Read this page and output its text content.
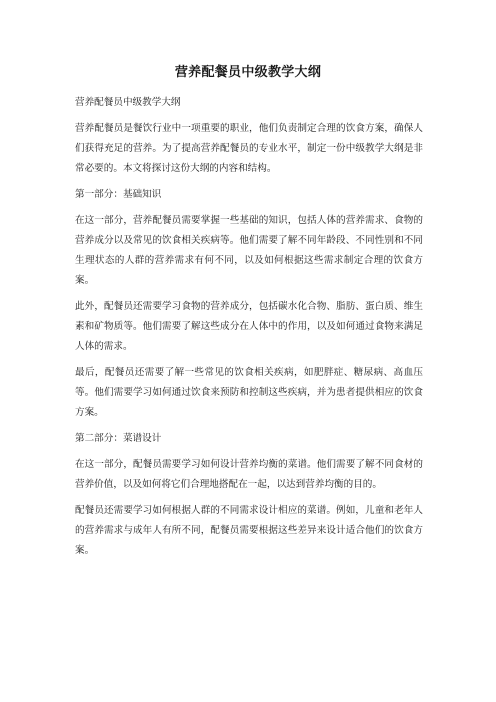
营养配餐员中级教学大纲

营养配餐员中级教学大纲

营养配餐员是餐饮行业中一项重要的职业，他们负责制定合理的饮食方案，确保人们获得充足的营养。为了提高营养配餐员的专业水平，制定一份中级教学大纲是非常必要的。本文将探讨这份大纲的内容和结构。

第一部分：基础知识

在这一部分，营养配餐员需要掌握一些基础的知识，包括人体的营养需求、食物的营养成分以及常见的饮食相关疾病等。他们需要了解不同年龄段、不同性别和不同生理状态的人群的营养需求有何不同，以及如何根据这些需求制定合理的饮食方案。

此外，配餐员还需要学习食物的营养成分，包括碳水化合物、脂肪、蛋白质、维生素和矿物质等。他们需要了解这些成分在人体中的作用，以及如何通过食物来满足人体的需求。

最后，配餐员还需要了解一些常见的饮食相关疾病，如肥胖症、糖尿病、高血压等。他们需要学习如何通过饮食来预防和控制这些疾病，并为患者提供相应的饮食方案。

第二部分：菜谱设计

在这一部分，配餐员需要学习如何设计营养均衡的菜谱。他们需要了解不同食材的营养价值，以及如何将它们合理地搭配在一起，以达到营养均衡的目的。

配餐员还需要学习如何根据人群的不同需求设计相应的菜谱。例如，儿童和老年人的营养需求与成年人有所不同，配餐员需要根据这些差异来设计适合他们的饮食方案。
